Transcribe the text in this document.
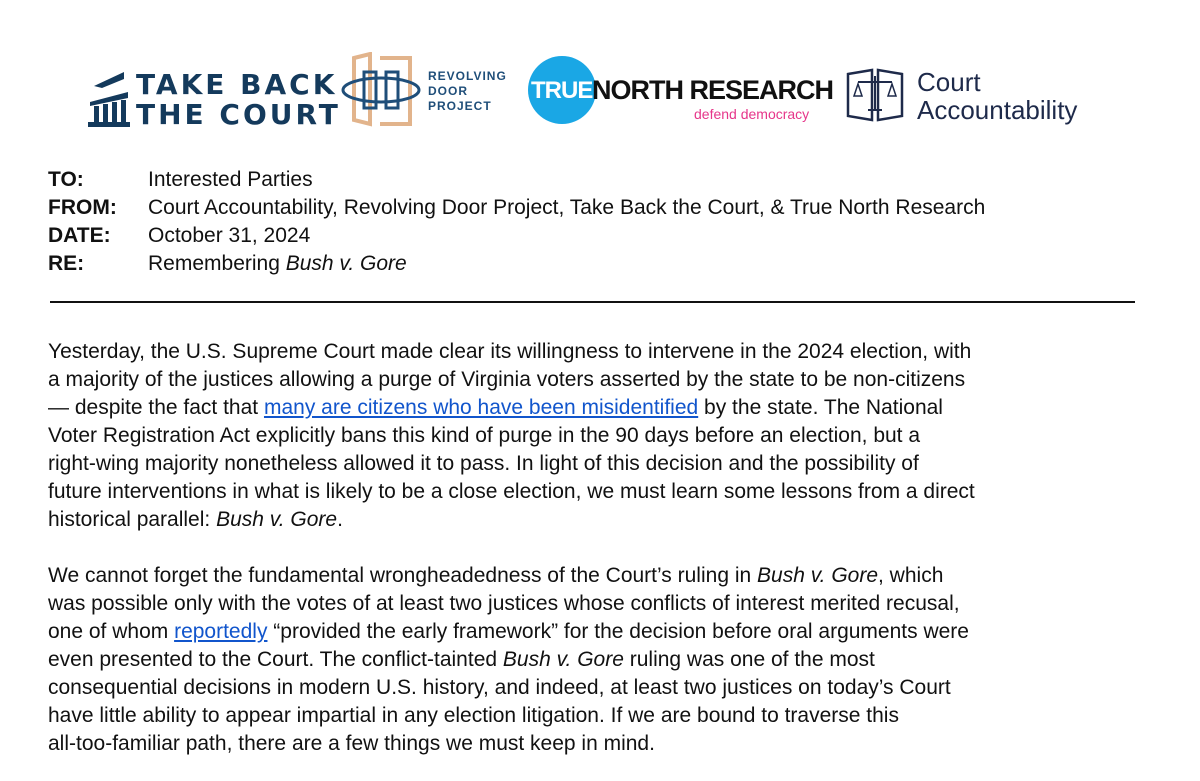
TAKE BACK
THE COURT
REVOLVING
DOOR
PROJECT
TRUE NORTH RESEARCH
defend democracy
Court
Accountability
TO:	Interested Parties
FROM: Court Accountability, Revolving Door Project, Take Back the Court, & True North Research
DATE: October 31, 2024
RE:	Remembering Bush v. Gore
Yesterday, the U.S. Supreme Court made clear its willingness to intervene in the 2024 election, with
a majority of the justices allowing a purge of Virginia voters asserted by the state to be non-citizens
— despite the fact that many are citizens who have been misidentified by the state. The National
Voter Registration Act explicitly bans this kind of purge in the 90 days before an election, but a
right-wing majority nonetheless allowed it to pass. In light of this decision and the possibility of
future interventions in what is likely to be a close election, we must learn some lessons from a direct
historical parallel: Bush v. Gore.
We cannot forget the fundamental wrongheadedness of the Court’s ruling in Bush v. Gore, which
was possible only with the votes of at least two justices whose conflicts of interest merited recusal,
one of whom reportedly “provided the early framework” for the decision before oral arguments were
even presented to the Court. The conflict-tainted Bush v. Gore ruling was one of the most
consequential decisions in modern U.S. history, and indeed, at least two justices on today’s Court
have little ability to appear impartial in any election litigation. If we are bound to traverse this
all-too-familiar path, there are a few things we must keep in mind.
